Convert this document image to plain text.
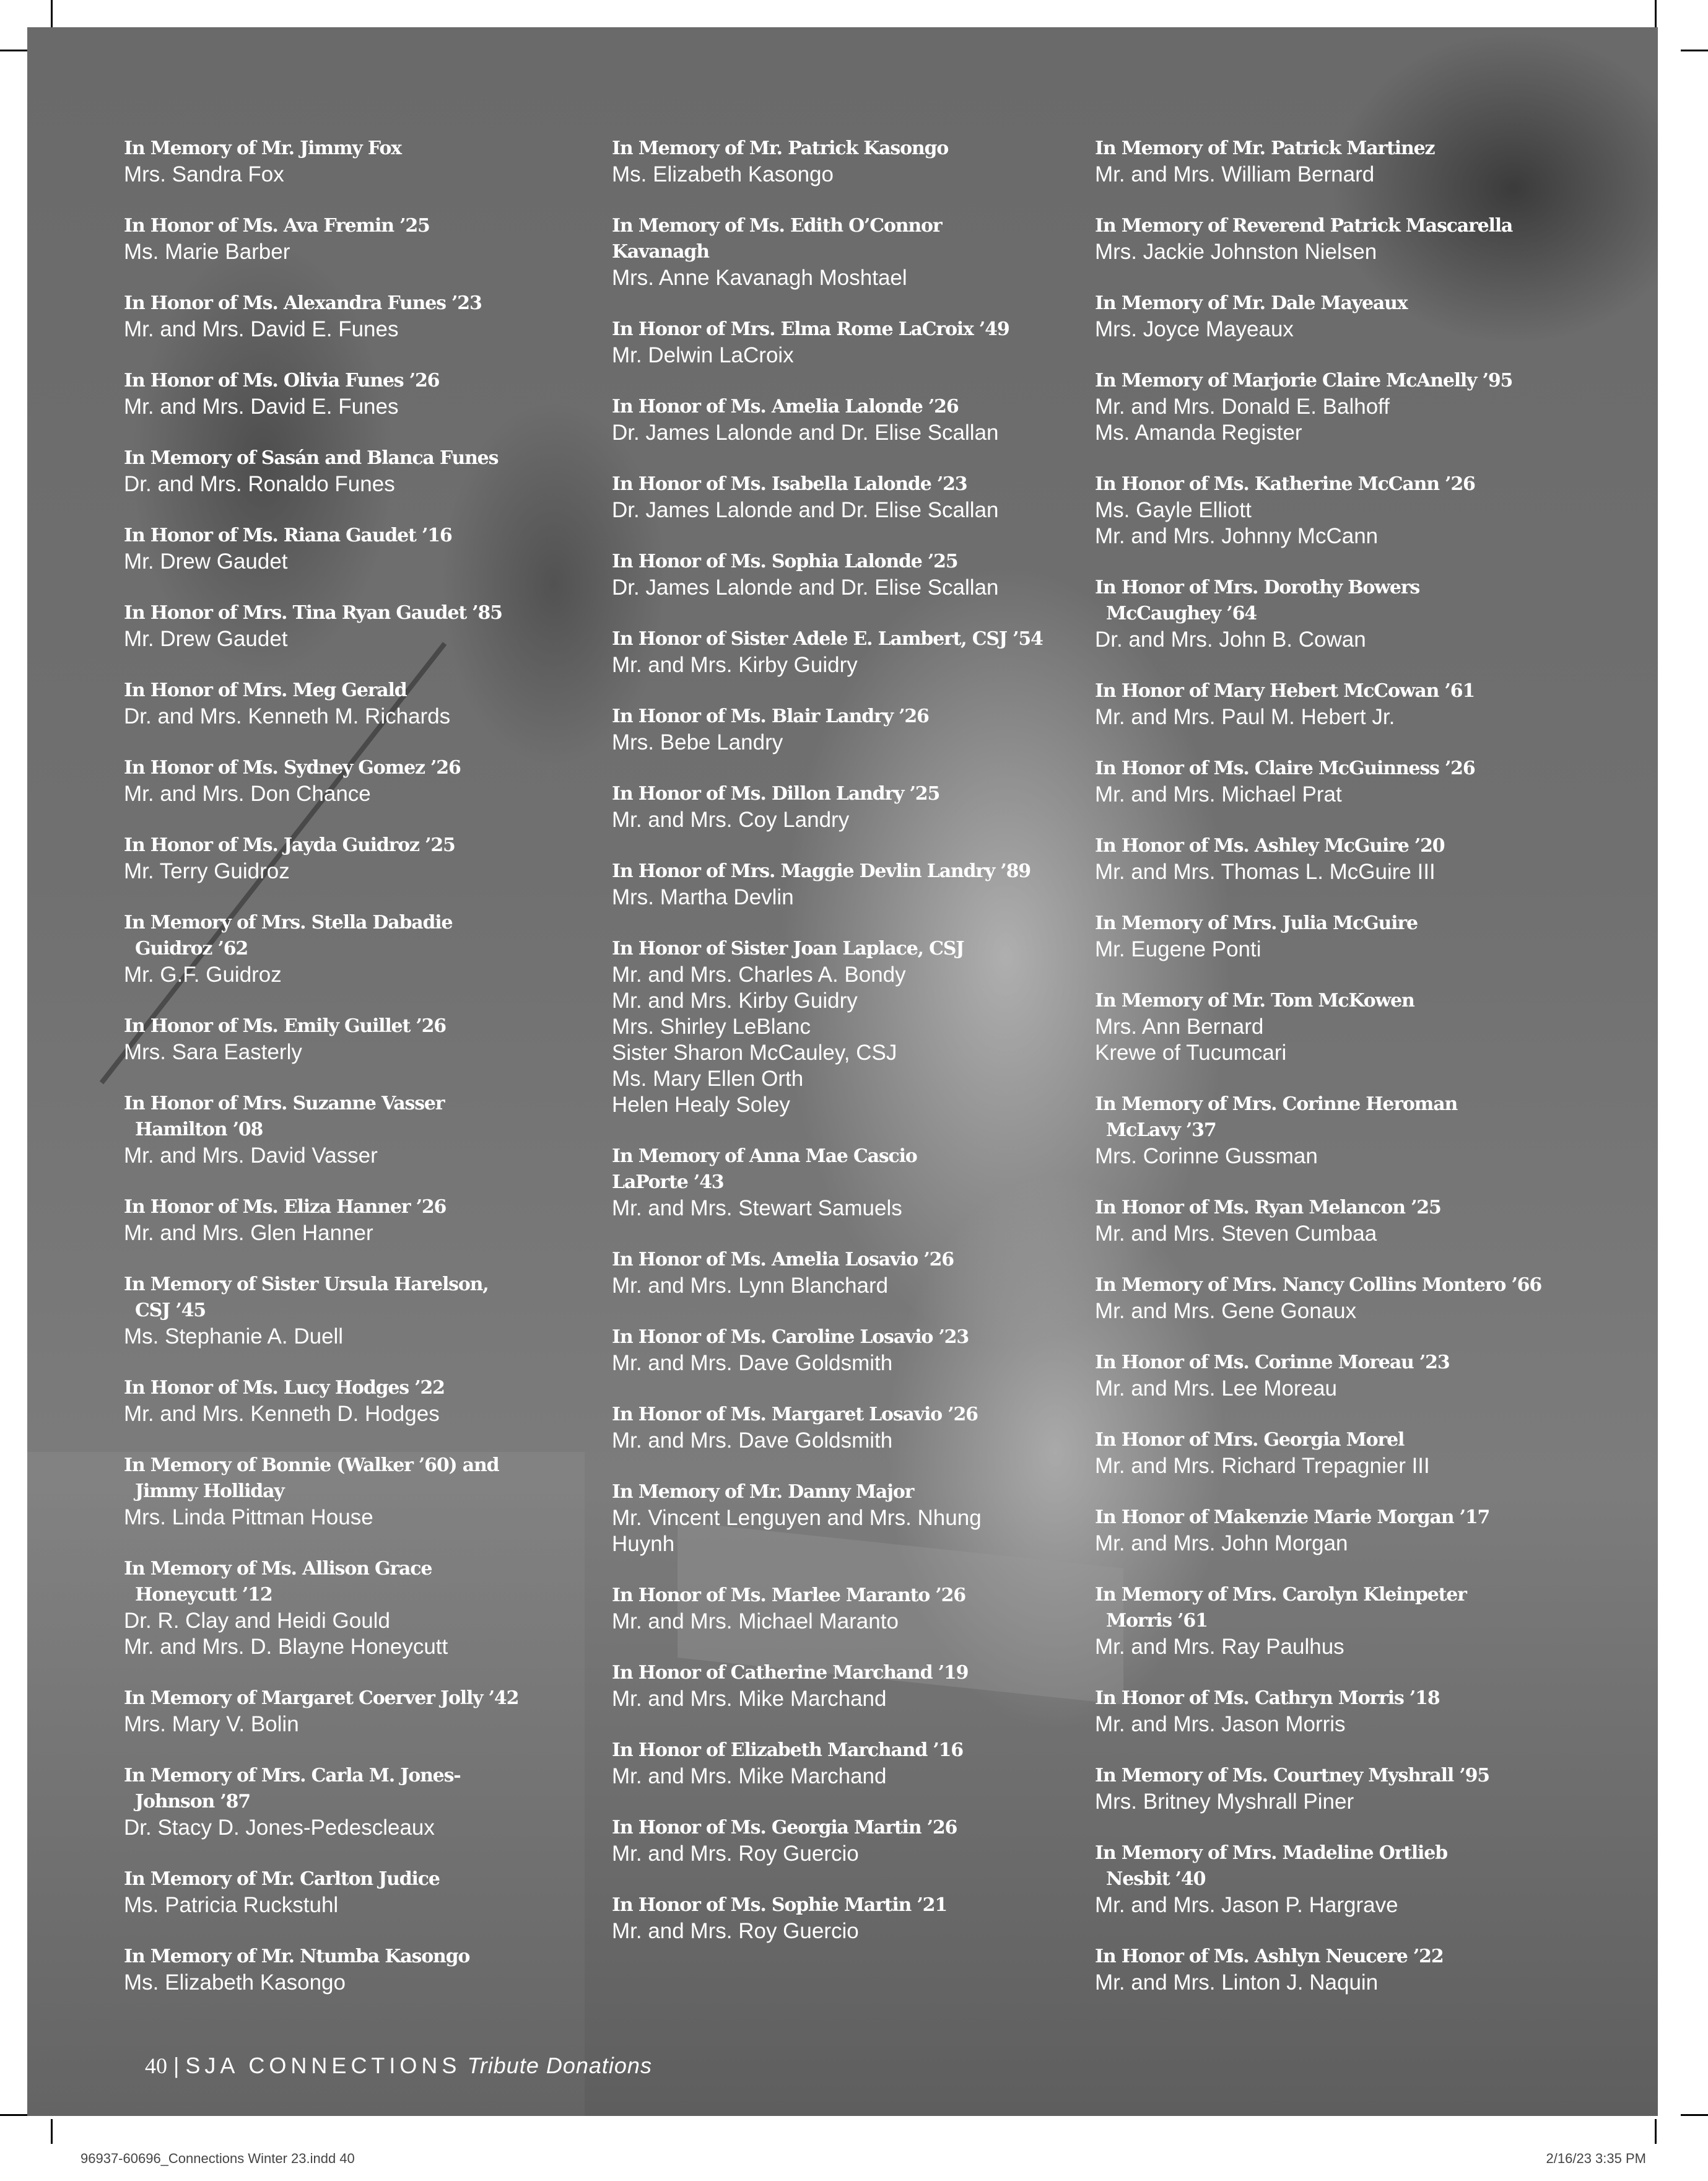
In Memory of Mr. Jimmy Fox
Mrs. Sandra Fox
In Honor of Ms. Ava Fremin ’25
Ms. Marie Barber
In Honor of Ms. Alexandra Funes ’23
Mr. and Mrs. David E. Funes
In Honor of Ms. Olivia Funes ’26
Mr. and Mrs. David E. Funes
In Memory of Sasán and Blanca Funes
Dr. and Mrs. Ronaldo Funes
In Honor of Ms. Riana Gaudet ’16
Mr. Drew Gaudet
In Honor of Mrs. Tina Ryan Gaudet ’85
Mr. Drew Gaudet
In Honor of Mrs. Meg Gerald
Dr. and Mrs. Kenneth M. Richards
In Honor of Ms. Sydney Gomez ’26
Mr. and Mrs. Don Chance
In Honor of Ms. Jayda Guidroz ’25
Mr. Terry Guidroz
In Memory of Mrs. Stella Dabadie
Guidroz ’62
Mr. G.F. Guidroz
In Honor of Ms. Emily Guillet ’26
Mrs. Sara Easterly
In Honor of Mrs. Suzanne Vasser
Hamilton ’08
Mr. and Mrs. David Vasser
In Honor of Ms. Eliza Hanner ’26
Mr. and Mrs. Glen Hanner
In Memory of Sister Ursula Harelson,
CSJ ’45
Ms. Stephanie A. Duell
In Honor of Ms. Lucy Hodges ’22
Mr. and Mrs. Kenneth D. Hodges
In Memory of Bonnie (Walker ’60) and
Jimmy Holliday
Mrs. Linda Pittman House
In Memory of Ms. Allison Grace
Honeycutt ’12
Dr. R. Clay and Heidi Gould
Mr. and Mrs. D. Blayne Honeycutt
In Memory of Margaret Coerver Jolly ’42
Mrs. Mary V. Bolin
In Memory of Mrs. Carla M. Jones-
Johnson ’87
Dr. Stacy D. Jones-Pedescleaux
In Memory of Mr. Carlton Judice
Ms. Patricia Ruckstuhl
In Memory of Mr. Ntumba Kasongo
Ms. Elizabeth Kasongo
In Memory of Mr. Patrick Kasongo
Ms. Elizabeth Kasongo
In Memory of Ms. Edith O’Connor
Kavanagh
Mrs. Anne Kavanagh Moshtael
In Honor of Mrs. Elma Rome LaCroix ’49
Mr. Delwin LaCroix
In Honor of Ms. Amelia Lalonde ’26
Dr. James Lalonde and Dr. Elise Scallan
In Honor of Ms. Isabella Lalonde ’23
Dr. James Lalonde and Dr. Elise Scallan
In Honor of Ms. Sophia Lalonde ’25
Dr. James Lalonde and Dr. Elise Scallan
In Honor of Sister Adele E. Lambert, CSJ ’54
Mr. and Mrs. Kirby Guidry
In Honor of Ms. Blair Landry ’26
Mrs. Bebe Landry
In Honor of Ms. Dillon Landry ’25
Mr. and Mrs. Coy Landry
In Honor of Mrs. Maggie Devlin Landry ’89
Mrs. Martha Devlin
In Honor of Sister Joan Laplace, CSJ
Mr. and Mrs. Charles A. Bondy
Mr. and Mrs. Kirby Guidry
Mrs. Shirley LeBlanc
Sister Sharon McCauley, CSJ
Ms. Mary Ellen Orth
Helen Healy Soley
In Memory of Anna Mae Cascio
LaPorte ’43
Mr. and Mrs. Stewart Samuels
In Honor of Ms. Amelia Losavio ’26
Mr. and Mrs. Lynn Blanchard
In Honor of Ms. Caroline Losavio ’23
Mr. and Mrs. Dave Goldsmith
In Honor of Ms. Margaret Losavio ’26
Mr. and Mrs. Dave Goldsmith
In Memory of Mr. Danny Major
Mr. Vincent Lenguyen and Mrs. Nhung
Huynh
In Honor of Ms. Marlee Maranto ’26
Mr. and Mrs. Michael Maranto
In Honor of Catherine Marchand ’19
Mr. and Mrs. Mike Marchand
In Honor of Elizabeth Marchand ’16
Mr. and Mrs. Mike Marchand
In Honor of Ms. Georgia Martin ’26
Mr. and Mrs. Roy Guercio
In Honor of Ms. Sophie Martin ’21
Mr. and Mrs. Roy Guercio
In Memory of Mr. Patrick Martinez
Mr. and Mrs. William Bernard
In Memory of Reverend Patrick Mascarella
Mrs. Jackie Johnston Nielsen
In Memory of Mr. Dale Mayeaux
Mrs. Joyce Mayeaux
In Memory of Marjorie Claire McAnelly ’95
Mr. and Mrs. Donald E. Balhoff
Ms. Amanda Register
In Honor of Ms. Katherine McCann ’26
Ms. Gayle Elliott
Mr. and Mrs. Johnny McCann
In Honor of Mrs. Dorothy Bowers
McCaughey ’64
Dr. and Mrs. John B. Cowan
In Honor of Mary Hebert McCowan ’61
Mr. and Mrs. Paul M. Hebert Jr.
In Honor of Ms. Claire McGuinness ’26
Mr. and Mrs. Michael Prat
In Honor of Ms. Ashley McGuire ’20
Mr. and Mrs. Thomas L. McGuire III
In Memory of Mrs. Julia McGuire
Mr. Eugene Ponti
In Memory of Mr. Tom McKowen
Mrs. Ann Bernard
Krewe of Tucumcari
In Memory of Mrs. Corinne Heroman
McLavy ’37
Mrs. Corinne Gussman
In Honor of Ms. Ryan Melancon ’25
Mr. and Mrs. Steven Cumbaa
In Memory of Mrs. Nancy Collins Montero ’66
Mr. and Mrs. Gene Gonaux
In Honor of Ms. Corinne Moreau ’23
Mr. and Mrs. Lee Moreau
In Honor of Mrs. Georgia Morel
Mr. and Mrs. Richard Trepagnier III
In Honor of Makenzie Marie Morgan ’17
Mr. and Mrs. John Morgan
In Memory of Mrs. Carolyn Kleinpeter
Morris ’61
Mr. and Mrs. Ray Paulhus
In Honor of Ms. Cathryn Morris ’18
Mr. and Mrs. Jason Morris
In Memory of Ms. Courtney Myshrall ’95
Mrs. Britney Myshrall Piner
In Memory of Mrs. Madeline Ortlieb
Nesbit ’40
Mr. and Mrs. Jason P. Hargrave
In Honor of Ms. Ashlyn Neucere ’22
Mr. and Mrs. Linton J. Naquin
40 | SJA CONNECTIONS Tribute Donations
96937-60696_Connections Winter 23.indd 40	2/16/23 3:35 PM
